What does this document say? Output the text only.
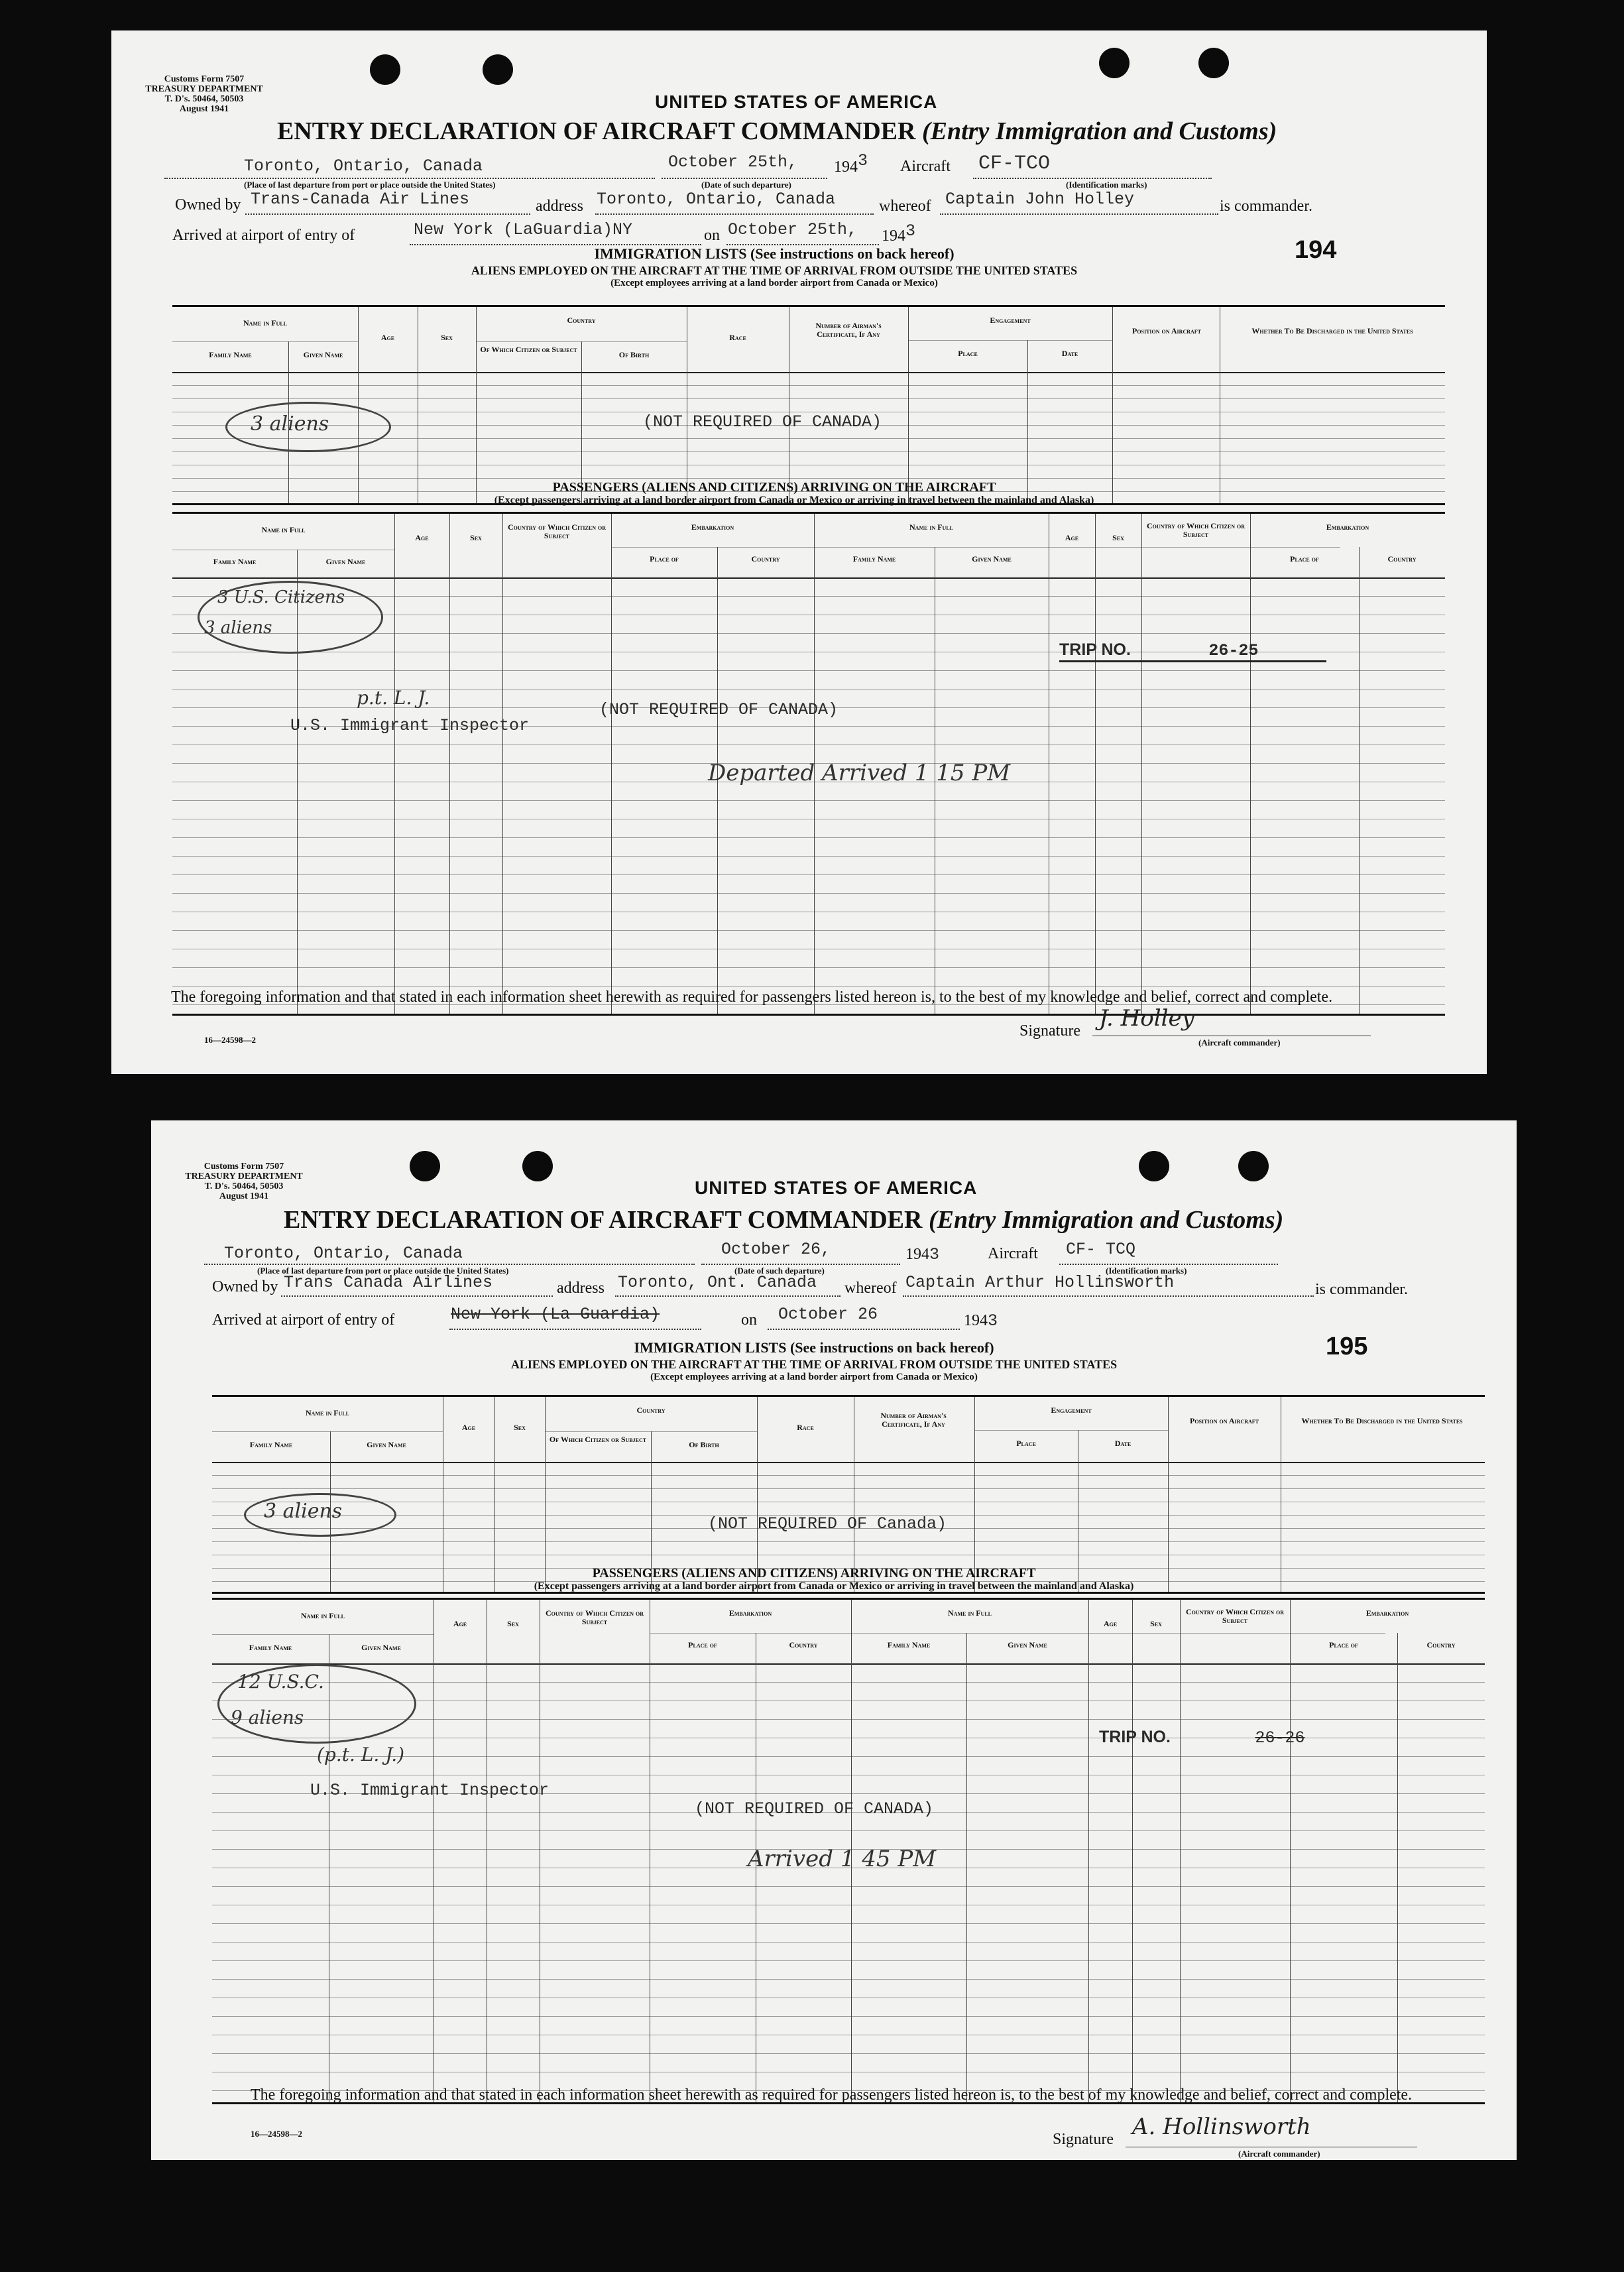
Customs Form 7507
TREASURY DEPARTMENT
T. D's. 50464, 50503
August 1941	UNITED STATES OF AMERICA
ENTRY DECLARATION OF AIRCRAFT COMMANDER (Entry Immigration and Customs)
Toronto, Ontario, Canada
(Place of last departure from port or place outside the United States)
October 25th,
(Date of such departure)
1943 Aircraft CF-TCO
(Identification marks)
Owned by Trans-Canada Air Lines	address Toronto, Ontario, Canada	whereof Captain John Holley	is commander.
Arrived at airport of entry of	New York (LaGuardia)NY	on October 25th, 1943
194
IMMIGRATION LISTS (See instructions on back hereof)
ALIENS EMPLOYED ON THE AIRCRAFT AT THE TIME OF ARRIVAL FROM OUTSIDE THE UNITED STATES
(Except employees arriving at a land border airport from Canada or Mexico)
Name in Full
Family Name	Given Name
Age	Sex
Country
Of Which Citizen or Subject
Of Birth
Race
Number of Airman's Certificate, If Any
Engagement
Place	Date
Position on Aircraft	Whether To Be Discharged in the United States
3 aliens	(NOT REQUIRED OF CANADA)
PASSENGERS (ALIENS AND CITIZENS) ARRIVING ON THE AIRCRAFT
(Except passengers arriving at a land border airport from Canada or Mexico or arriving in travel between the mainland and Alaska)
Name in Full
Family Name	Given Name
Age	Sex
Country of Which Citizen or Subject
Embarkation
Place of	Country
Name in Full
Family Name	Given Name
Age	Sex
Country of Which Citizen or Subject
Embarkation
Place of	Country
3 U.S. Citizens
3 aliens
TRIP NO.	26-25
p.t. L. J.
U.S. Immigrant Inspector
(NOT REQUIRED OF CANADA)
Departed Arrived 1 15 PM
The foregoing information and that stated in each information sheet herewith as required for passengers listed hereon is, to the best of my knowledge and belief, correct and complete.
16—24598—2
Signature J. Holley
(Aircraft commander)
Customs Form 7507
TREASURY DEPARTMENT
T. D's. 50464, 50503
August 1941	UNITED STATES OF AMERICA
ENTRY DECLARATION OF AIRCRAFT COMMANDER (Entry Immigration and Customs)
Toronto, Ontario, Canada
(Place of last departure from port or place outside the United States)
October 26,
(Date of such departure)
1943	Aircraft CF- TCQ
(Identification marks)
Owned by Trans Canada Airlines	address Toronto, Ont. Canada whereof Captain Arthur Hollinsworth	is commander.
Arrived at airport of entry of	New York (La Guardia)	on October 26	1943
195
IMMIGRATION LISTS (See instructions on back hereof)
ALIENS EMPLOYED ON THE AIRCRAFT AT THE TIME OF ARRIVAL FROM OUTSIDE THE UNITED STATES
(Except employees arriving at a land border airport from Canada or Mexico)
Name in Full
Family Name	Given Name
Age	Sex
Country
Of Which Citizen or Subject
Of Birth
Race
Number of Airman's Certificate, If Any
Engagement
Place	Date
Position on Aircraft	Whether To Be Discharged in the United States
3 aliens
(NOT REQUIRED OF Canada)
PASSENGERS (ALIENS AND CITIZENS) ARRIVING ON THE AIRCRAFT
(Except passengers arriving at a land border airport from Canada or Mexico or arriving in travel between the mainland and Alaska)
Name in Full
Family Name	Given Name
Age	Sex
Country of Which Citizen or Subject
Embarkation
Place of	Country
Name in Full
Family Name	Given Name
Age	Sex
Country of Which Citizen or Subject
Embarkation
Place of	Country
12 U.S.C.
9 aliens
TRIP NO.	26-26
(p.t. L. J.)
U.S. Immigrant Inspector
(NOT REQUIRED OF CANADA)
Arrived 1 45 PM
The foregoing information and that stated in each information sheet herewith as required for passengers listed hereon is, to the best of my knowledge and belief, correct and complete.
16—24598—2	Signature A. Hollinsworth
(Aircraft commander)
